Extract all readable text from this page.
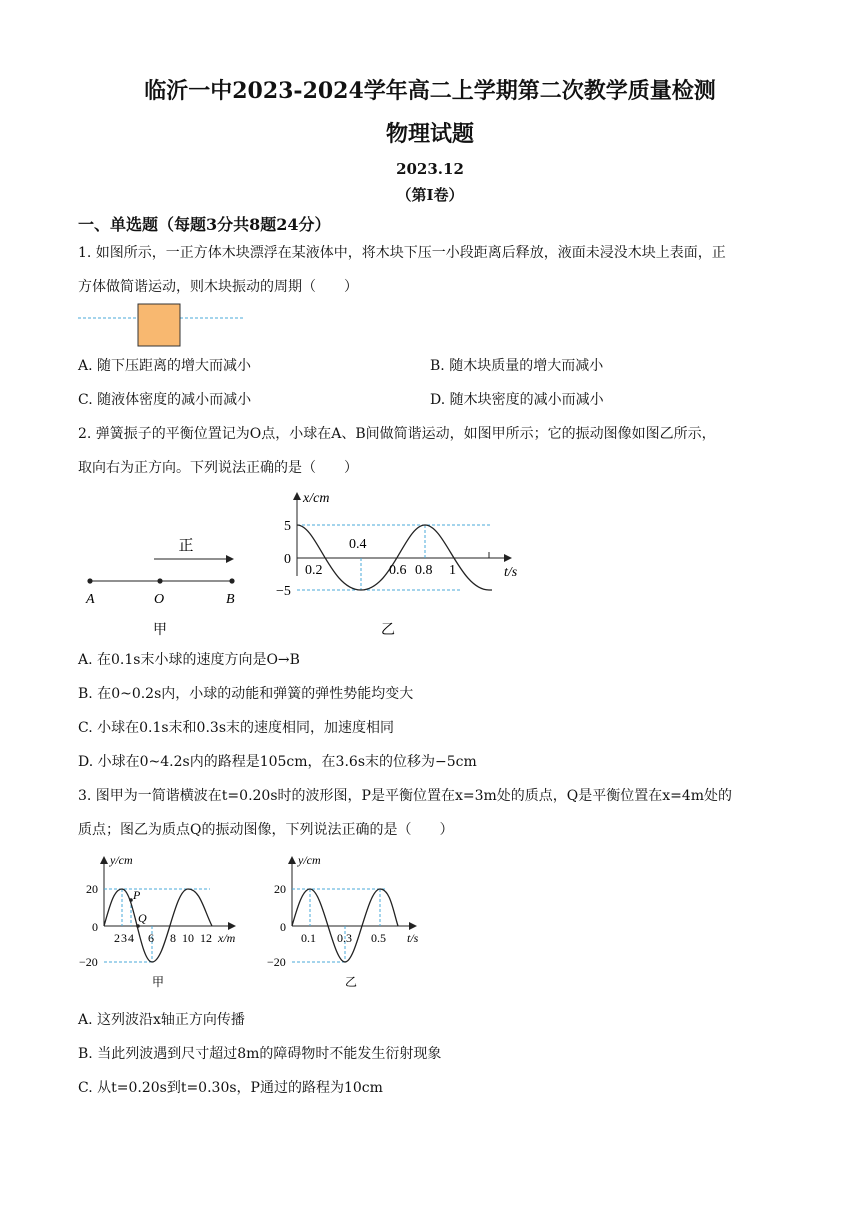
临沂一中2023-2024学年高二上学期第二次教学质量检测
物理试题
2023.12
（第Ⅰ卷）
一、单选题（每题3分共8题24分）
1. 如图所示，一正方体木块漂浮在某液体中，将木块下压一小段距离后释放，液面未浸没木块上表面，正
方体做简谐运动，则木块振动的周期（　　）
A. 随下压距离的增大而减小	B. 随木块质量的增大而减小
C. 随液体密度的减小而减小	D. 随木块密度的减小而减小
2. 弹簧振子的平衡位置记为O点，小球在A、B间做简谐运动，如图甲所示；它的振动图像如图乙所示，
取向右为正方向。下列说法正确的是（　　）
正
A	O	B
甲
x/cm
t/s
5
0
−5
0.2
0.4
0.6 0.8 1
乙
A. 在0.1s末小球的速度方向是O→B
B. 在0~0.2s内，小球的动能和弹簧的弹性势能均变大
C. 小球在0.1s末和0.3s末的速度相同，加速度相同
D. 小球在0~4.2s内的路程是105cm，在3.6s末的位移为−5cm
3. 图甲为一简谐横波在t=0.20s时的波形图，P是平衡位置在x=3m处的质点，Q是平衡位置在x=4m处的
质点；图乙为质点Q的振动图像，下列说法正确的是（　　）
y/cm
x/m
P
Q
20
0
−20
2 3 4 6 8 10 12
甲
y/cm
t/s
20
0
−20
0.1 0.3 0.5
乙
A. 这列波沿x轴正方向传播
B. 当此列波遇到尺寸超过8m的障碍物时不能发生衍射现象
C. 从t=0.20s到t=0.30s，P通过的路程为10cm
